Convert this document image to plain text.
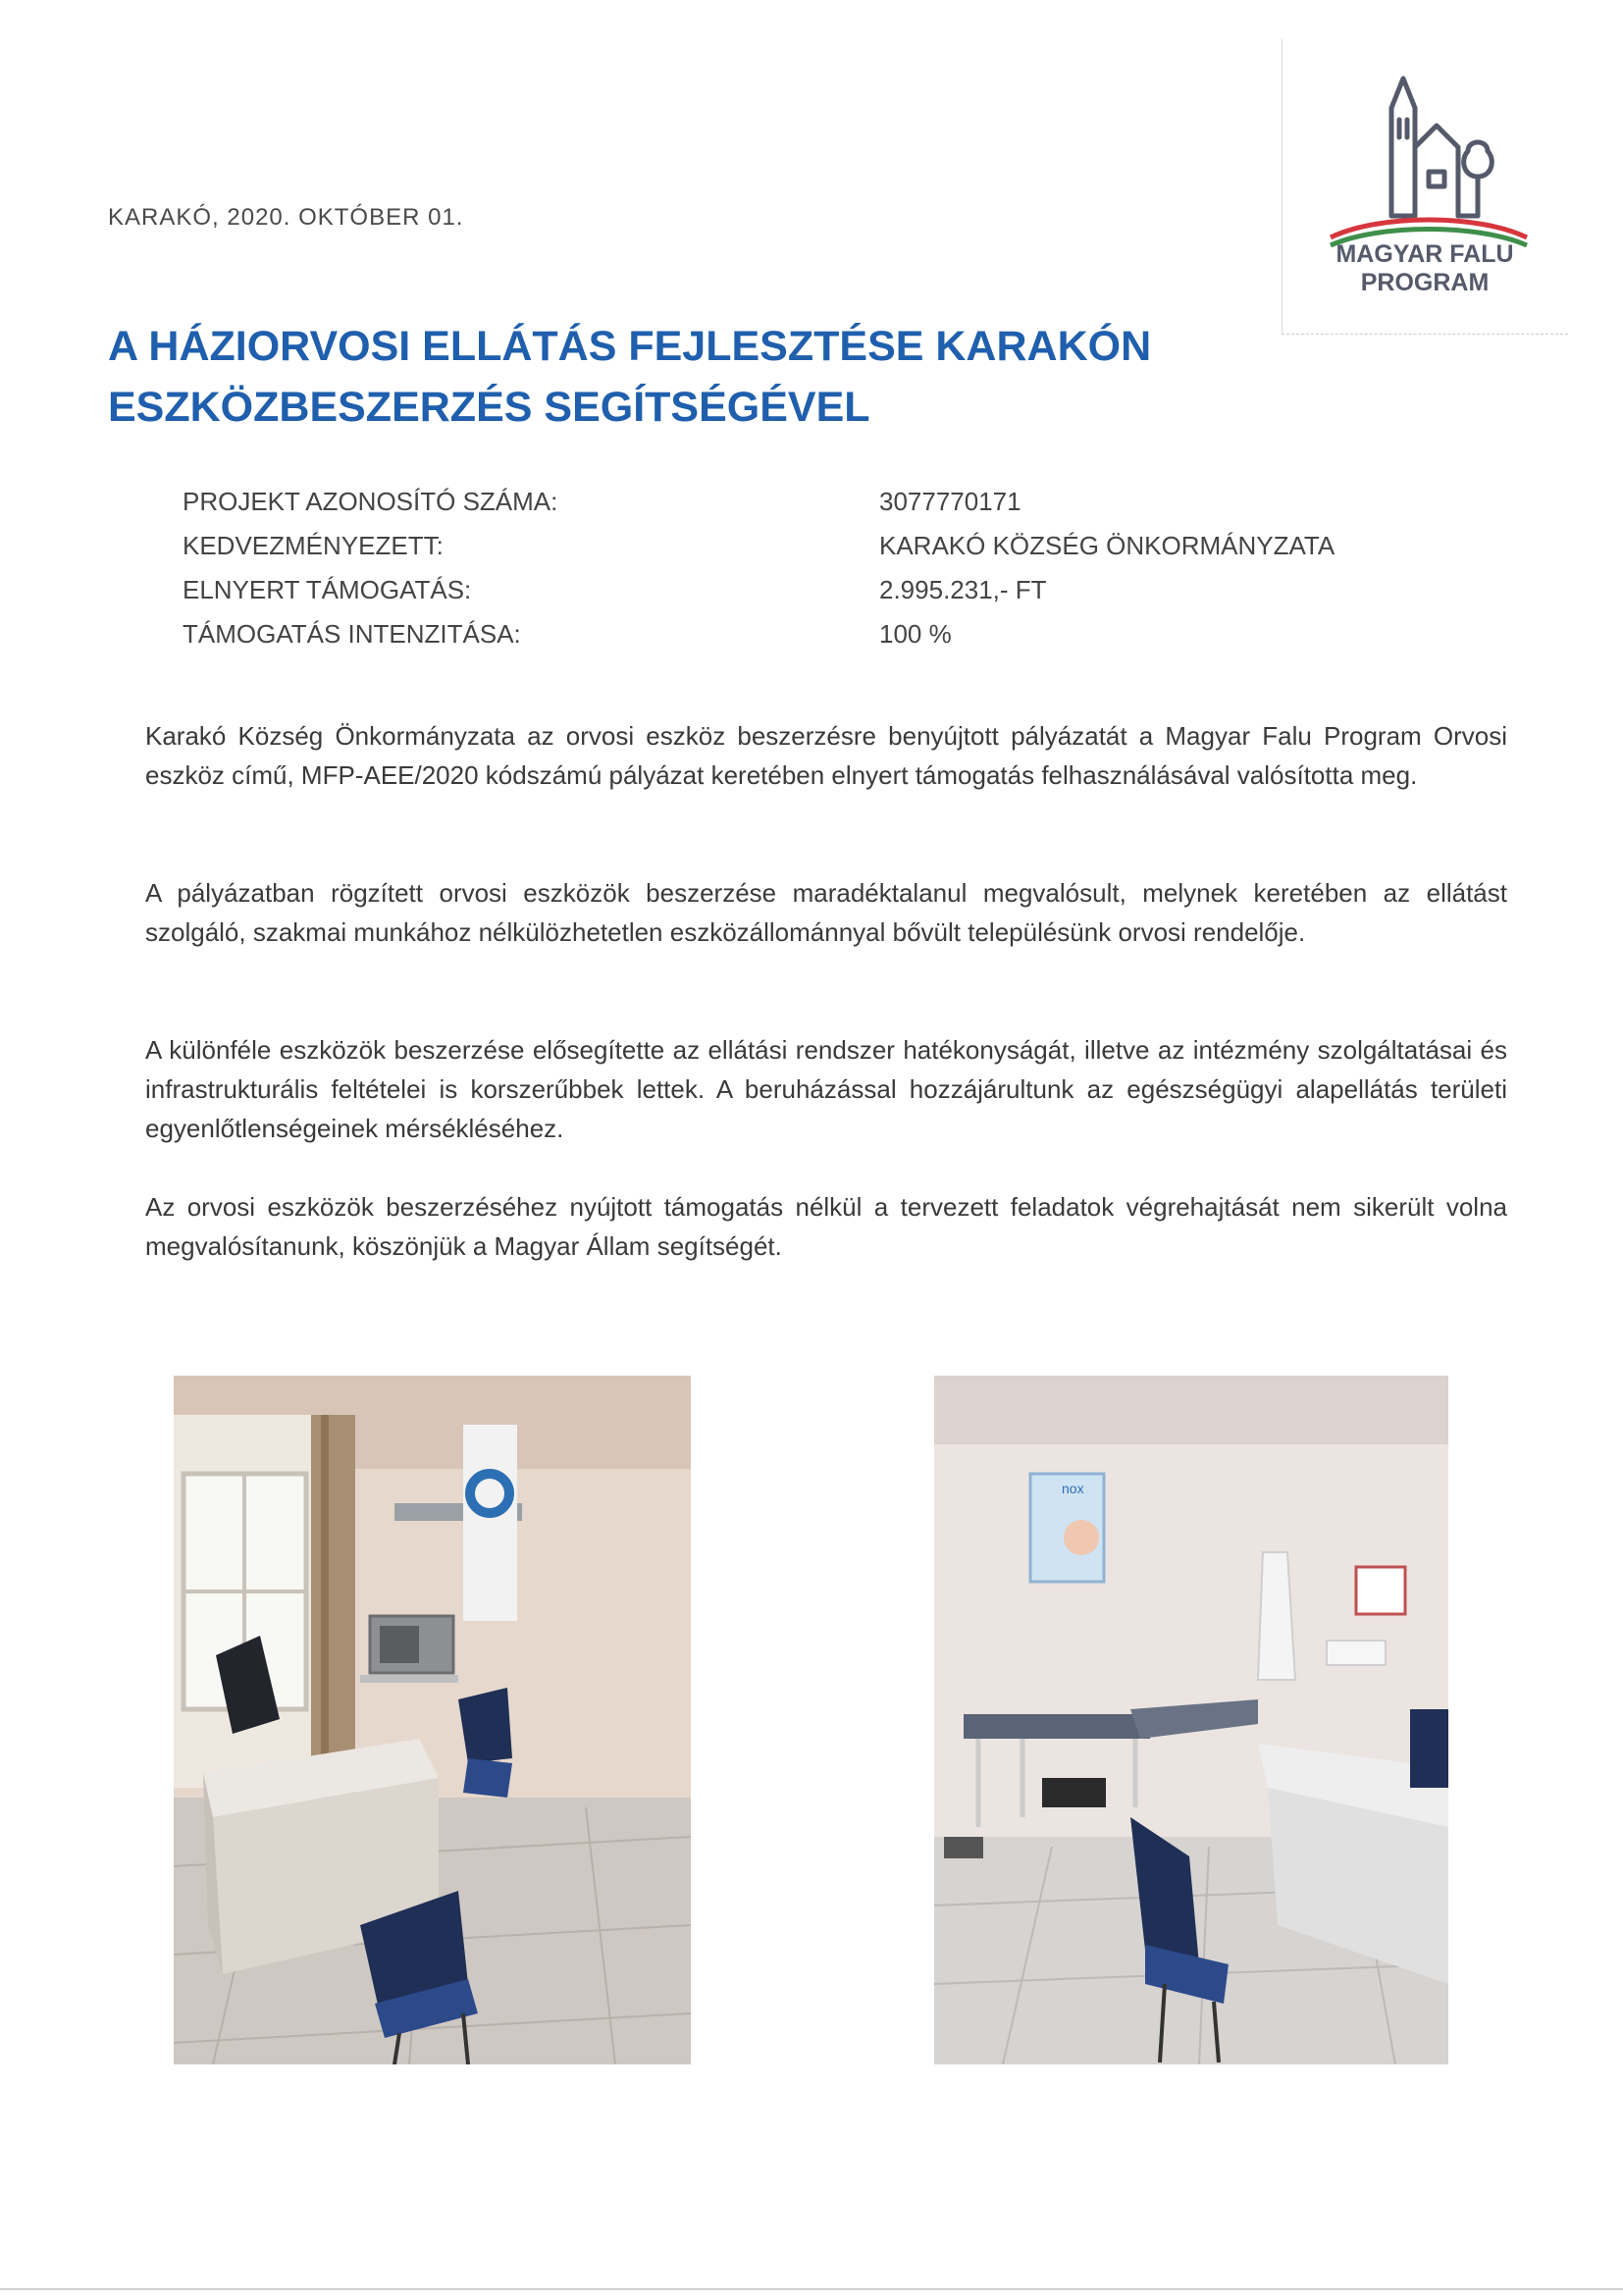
KARAKÓ, 2020. OKTÓBER 01.
MAGYAR FALU
PROGRAM
A HÁZIORVOSI ELLÁTÁS FEJLESZTÉSE KARAKÓN
ESZKÖZBESZERZÉS SEGÍTSÉGÉVEL
PROJEKT AZONOSÍTÓ SZÁMA:	3077770171
KEDVEZMÉNYEZETT:	KARAKÓ KÖZSÉG ÖNKORMÁNYZATA
ELNYERT TÁMOGATÁS:	2.995.231,- FT
TÁMOGATÁS INTENZITÁSA:	100 %
Karakó Község Önkormányzata az orvosi eszköz beszerzésre benyújtott pályázatát a Magyar Falu Program Orvosi eszköz című, MFP-AEE/2020 kódszámú pályázat keretében elnyert támogatás felhasználásával valósította meg.
A pályázatban rögzített orvosi eszközök beszerzése maradéktalanul megvalósult, melynek keretében az ellátást szolgáló, szakmai munkához nélkülözhetetlen eszközállománnyal bővült településünk orvosi rendelője.
A különféle eszközök beszerzése elősegítette az ellátási rendszer hatékonyságát, illetve az intézmény szolgáltatásai és infrastrukturális feltételei is korszerűbbek lettek. A beruházással hozzájárultunk az egészségügyi alapellátás területi egyenlőtlenségeinek mérsékléséhez.
Az orvosi eszközök beszerzéséhez nyújtott támogatás nélkül a tervezett feladatok végrehajtását nem sikerült volna megvalósítanunk, köszönjük a Magyar Állam segítségét.
nox
